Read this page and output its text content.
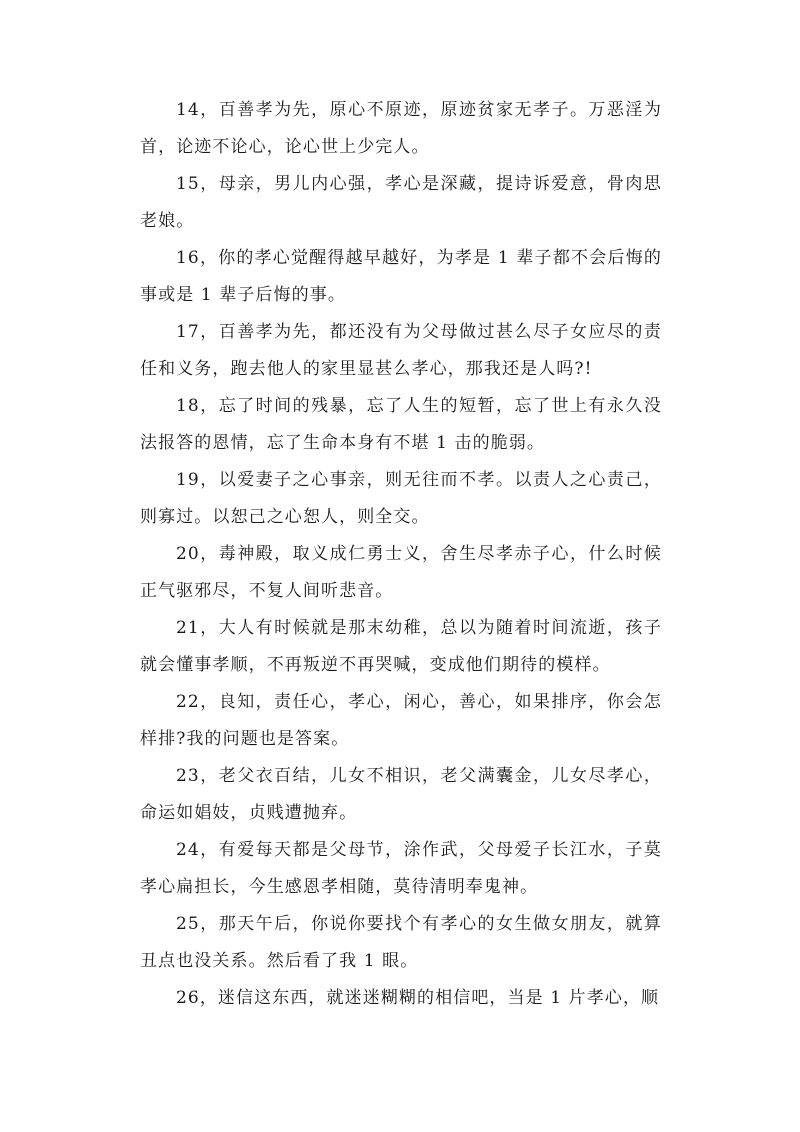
14，百善孝为先，原心不原迹，原迹贫家无孝子。万恶淫为首，论迹不论心，论心世上少完人。

15，母亲，男儿内心强，孝心是深藏，提诗诉爱意，骨肉思老娘。

16，你的孝心觉醒得越早越好，为孝是 1 辈子都不会后悔的事或是 1 辈子后悔的事。

17，百善孝为先，都还没有为父母做过甚么尽子女应尽的责任和义务，跑去他人的家里显甚么孝心，那我还是人吗?!

18，忘了时间的残暴，忘了人生的短暂，忘了世上有永久没法报答的恩情，忘了生命本身有不堪 1 击的脆弱。

19，以爱妻子之心事亲，则无往而不孝。以责人之心责己，则寡过。以恕己之心恕人，则全交。

20，毒神殿，取义成仁勇士义，舍生尽孝赤子心，什么时候正气驱邪尽，不复人间听悲音。

21，大人有时候就是那末幼稚，总以为随着时间流逝，孩子就会懂事孝顺，不再叛逆不再哭喊，变成他们期待的模样。

22，良知，责任心，孝心，闲心，善心，如果排序，你会怎样排?我的问题也是答案。

23，老父衣百结，儿女不相识，老父满囊金，儿女尽孝心，命运如娼妓，贞贱遭抛弃。

24，有爱每天都是父母节，涂作武，父母爱子长江水，子莫孝心扁担长，今生感恩孝相随，莫待清明奉鬼神。

25，那天午后，你说你要找个有孝心的女生做女朋友，就算丑点也没关系。然后看了我 1 眼。

26，迷信这东西，就迷迷糊糊的相信吧，当是 1 片孝心，顺
